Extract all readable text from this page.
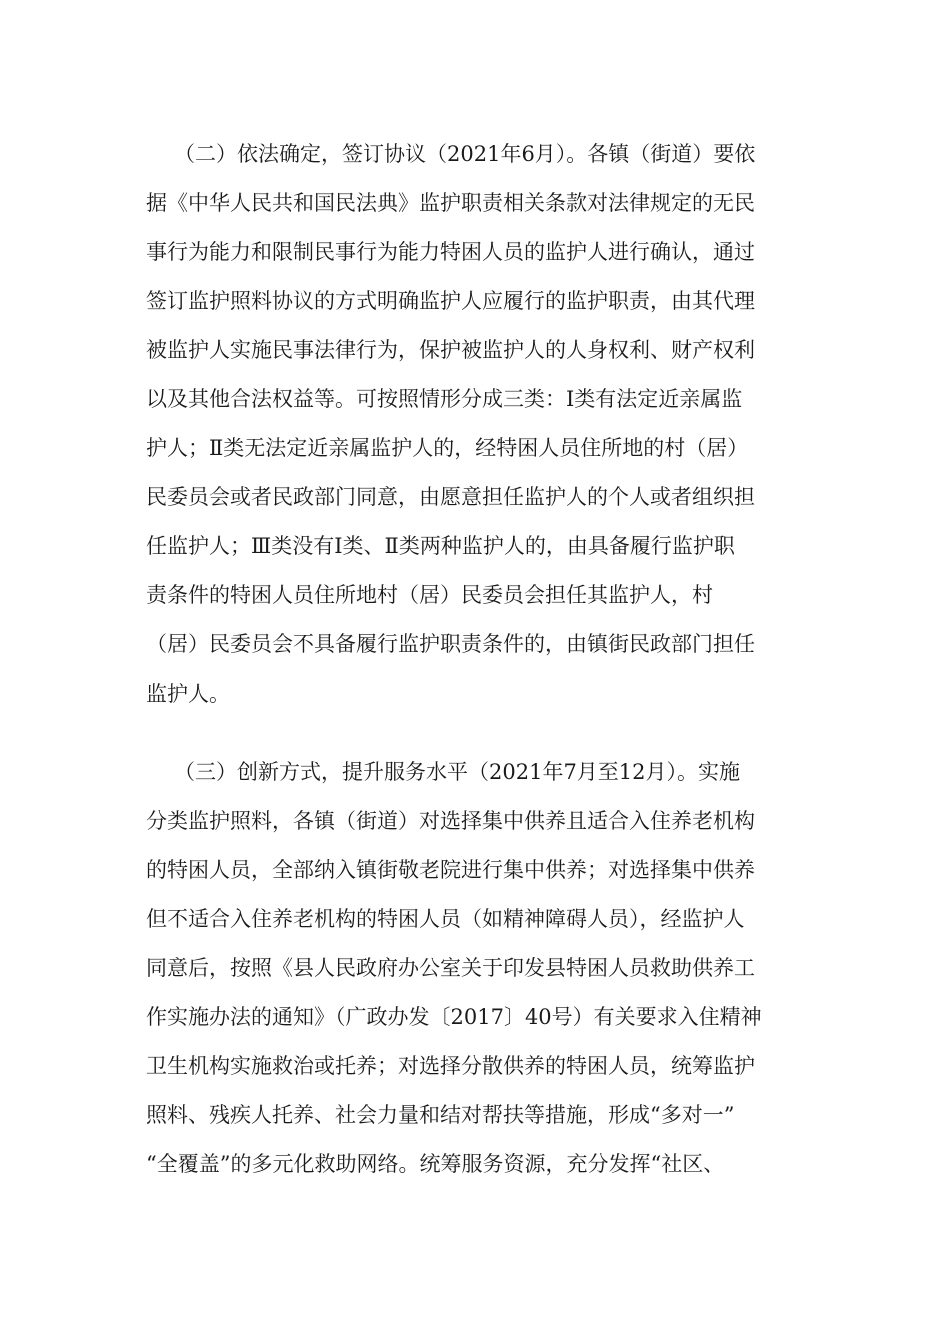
（二）依法确定，签订协议（2021年6月）。各镇（街道）要依
据《中华人民共和国民法典》监护职责相关条款对法律规定的无民
事行为能力和限制民事行为能力特困人员的监护人进行确认，通过
签订监护照料协议的方式明确监护人应履行的监护职责，由其代理
被监护人实施民事法律行为，保护被监护人的人身权利、财产权利
以及其他合法权益等。可按照情形分成三类：Ⅰ类有法定近亲属监
护人；Ⅱ类无法定近亲属监护人的，经特困人员住所地的村（居）
民委员会或者民政部门同意，由愿意担任监护人的个人或者组织担
任监护人；Ⅲ类没有Ⅰ类、Ⅱ类两种监护人的，由具备履行监护职
责条件的特困人员住所地村（居）民委员会担任其监护人，村
（居）民委员会不具备履行监护职责条件的，由镇街民政部门担任
监护人。
（三）创新方式，提升服务水平（2021年7月至12月）。实施
分类监护照料，各镇（街道）对选择集中供养且适合入住养老机构
的特困人员，全部纳入镇街敬老院进行集中供养；对选择集中供养
但不适合入住养老机构的特困人员（如精神障碍人员），经监护人
同意后，按照《县人民政府办公室关于印发县特困人员救助供养工
作实施办法的通知》（广政办发〔2017〕40号）有关要求入住精神
卫生机构实施救治或托养；对选择分散供养的特困人员，统筹监护
照料、残疾人托养、社会力量和结对帮扶等措施，形成“多对一”
“全覆盖”的多元化救助网络。统筹服务资源，充分发挥“社区、
